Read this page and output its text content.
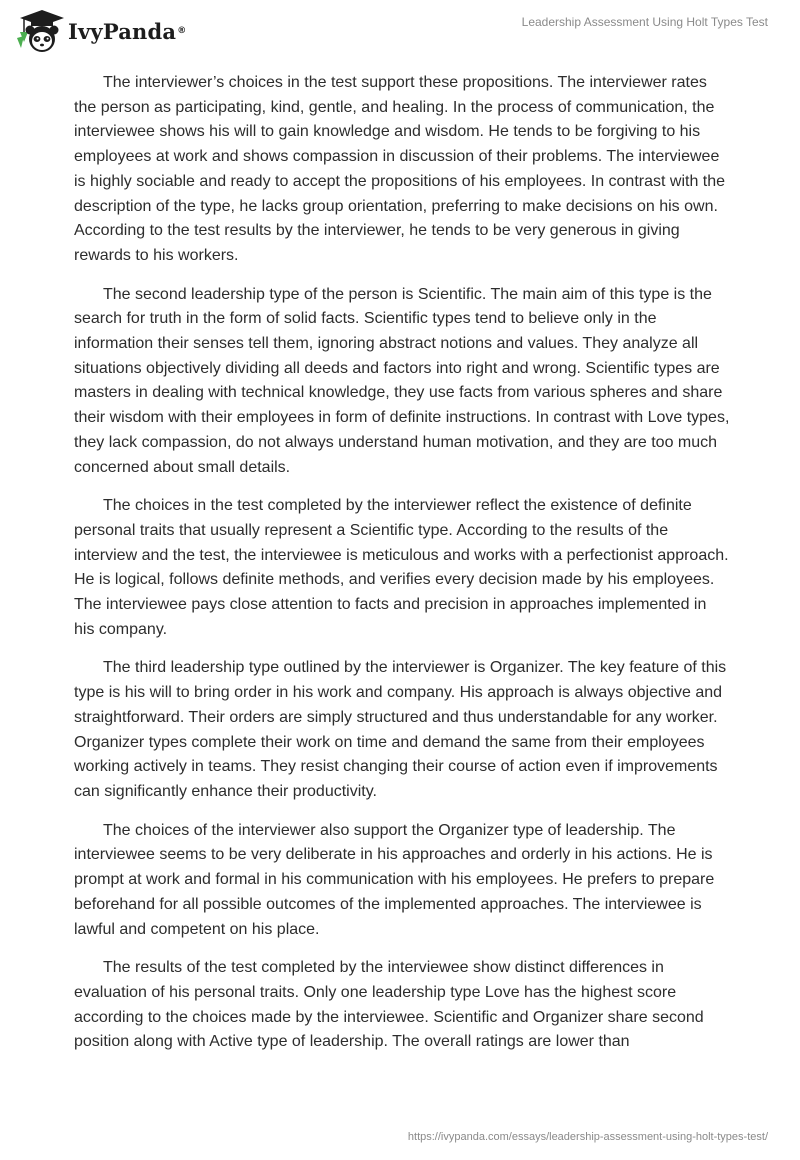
IvyPanda ®
Leadership Assessment Using Holt Types Test

The interviewer’s choices in the test support these propositions. The interviewer rates the person as participating, kind, gentle, and healing. In the process of communication, the interviewee shows his will to gain knowledge and wisdom. He tends to be forgiving to his employees at work and shows compassion in discussion of their problems. The interviewee is highly sociable and ready to accept the propositions of his employees. In contrast with the description of the type, he lacks group orientation, preferring to make decisions on his own. According to the test results by the interviewer, he tends to be very generous in giving rewards to his workers.

The second leadership type of the person is Scientific. The main aim of this type is the search for truth in the form of solid facts. Scientific types tend to believe only in the information their senses tell them, ignoring abstract notions and values. They analyze all situations objectively dividing all deeds and factors into right and wrong. Scientific types are masters in dealing with technical knowledge, they use facts from various spheres and share their wisdom with their employees in form of definite instructions. In contrast with Love types, they lack compassion, do not always understand human motivation, and they are too much concerned about small details.

The choices in the test completed by the interviewer reflect the existence of definite personal traits that usually represent a Scientific type. According to the results of the interview and the test, the interviewee is meticulous and works with a perfectionist approach. He is logical, follows definite methods, and verifies every decision made by his employees. The interviewee pays close attention to facts and precision in approaches implemented in his company.

The third leadership type outlined by the interviewer is Organizer. The key feature of this type is his will to bring order in his work and company. His approach is always objective and straightforward. Their orders are simply structured and thus understandable for any worker. Organizer types complete their work on time and demand the same from their employees working actively in teams. They resist changing their course of action even if improvements can significantly enhance their productivity.

The choices of the interviewer also support the Organizer type of leadership. The interviewee seems to be very deliberate in his approaches and orderly in his actions. He is prompt at work and formal in his communication with his employees. He prefers to prepare beforehand for all possible outcomes of the implemented approaches. The interviewee is lawful and competent on his place.

The results of the test completed by the interviewee show distinct differences in evaluation of his personal traits. Only one leadership type Love has the highest score according to the choices made by the interviewee. Scientific and Organizer share second position along with Active type of leadership. The overall ratings are lower than

https://ivypanda.com/essays/leadership-assessment-using-holt-types-test/
